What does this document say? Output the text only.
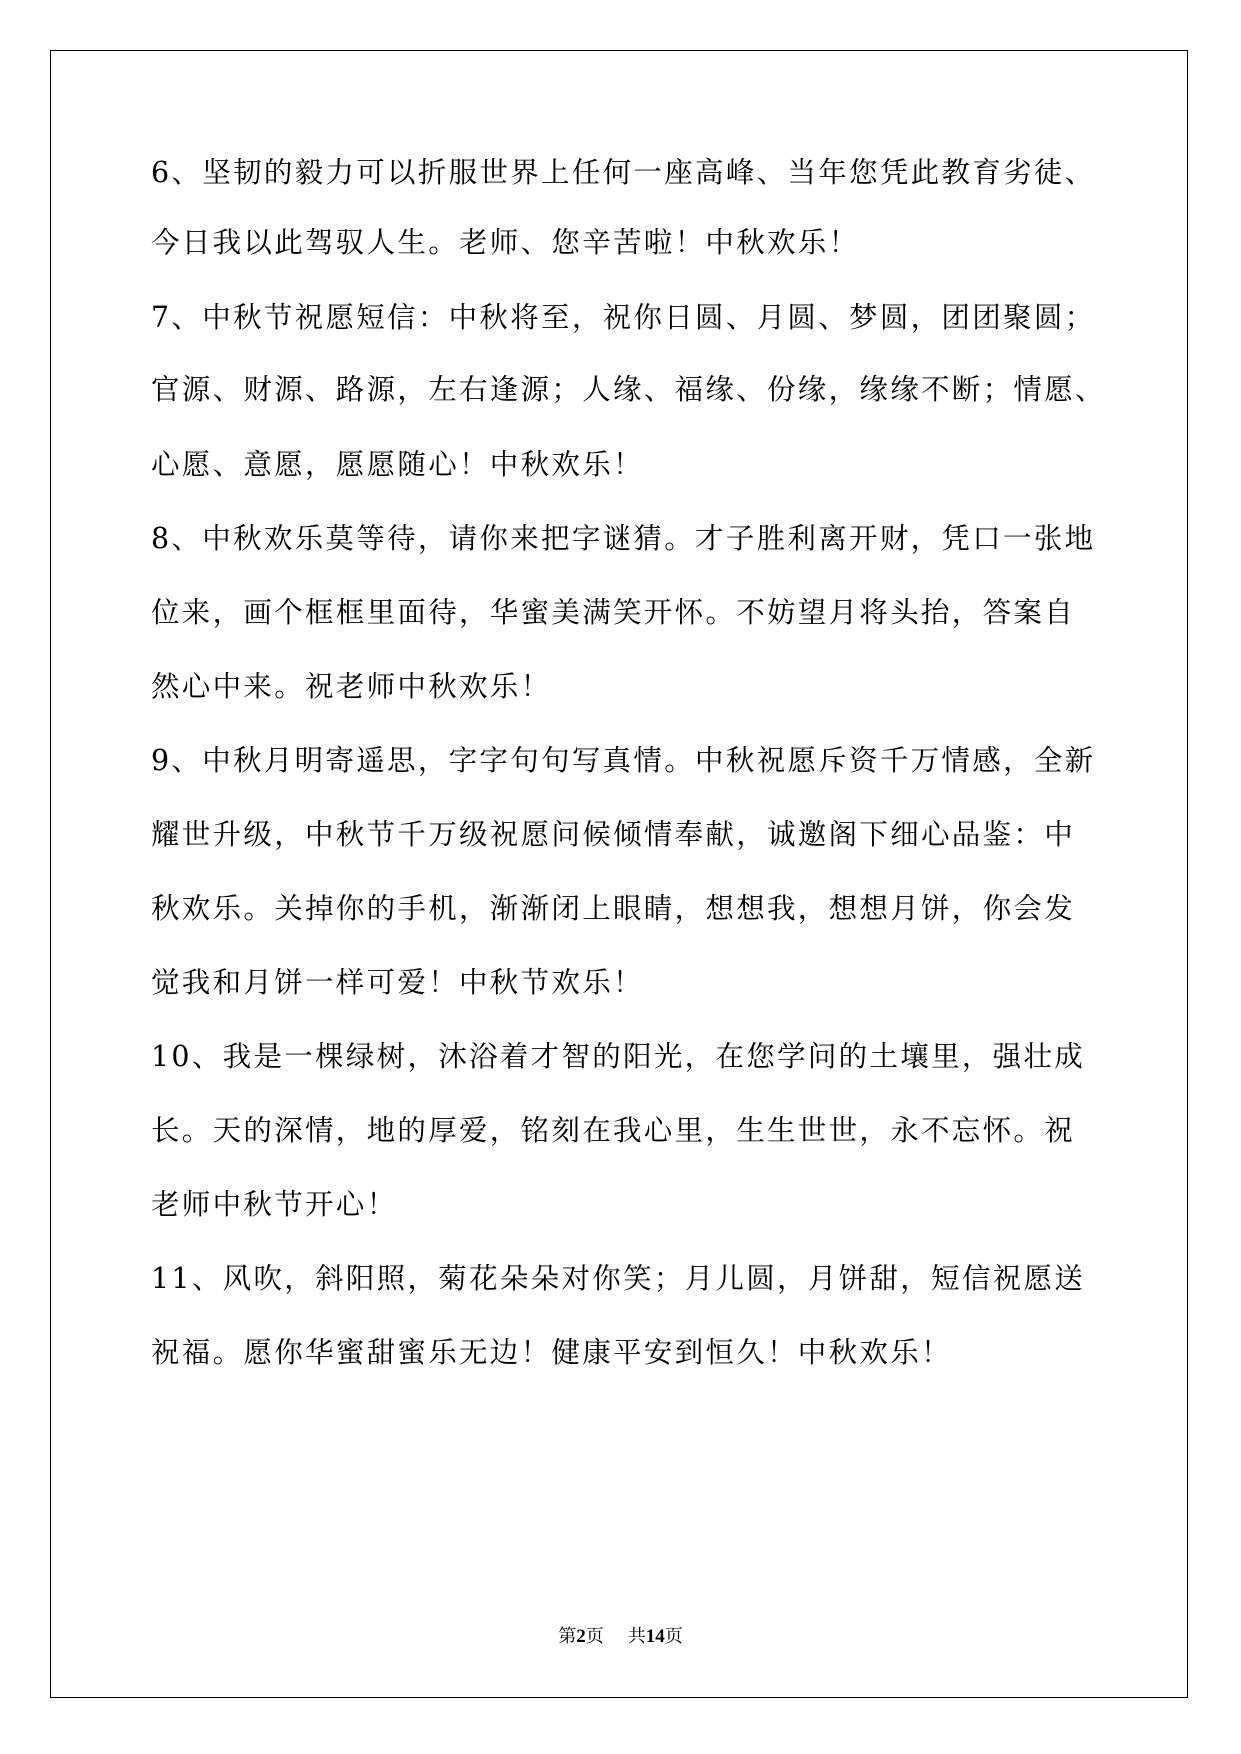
6、坚韧的毅力可以折服世界上任何一座高峰、当年您凭此教育劣徒、

今日我以此驾驭人生。老师、您辛苦啦！中秋欢乐！

7、中秋节祝愿短信：中秋将至，祝你日圆、月圆、梦圆，团团聚圆；

官源、财源、路源，左右逢源；人缘、福缘、份缘，缘缘不断；情愿、

心愿、意愿，愿愿随心！中秋欢乐！

8、中秋欢乐莫等待，请你来把字谜猜。才子胜利离开财，凭口一张地

位来，画个框框里面待，华蜜美满笑开怀。不妨望月将头抬，答案自

然心中来。祝老师中秋欢乐！

9、中秋月明寄遥思，字字句句写真情。中秋祝愿斥资千万情感，全新

耀世升级，中秋节千万级祝愿问候倾情奉献，诚邀阁下细心品鉴：中

秋欢乐。关掉你的手机，渐渐闭上眼睛，想想我，想想月饼，你会发

觉我和月饼一样可爱！中秋节欢乐！

10、我是一棵绿树，沐浴着才智的阳光，在您学问的土壤里，强壮成

长。天的深情，地的厚爱，铭刻在我心里，生生世世，永不忘怀。祝

老师中秋节开心！

11、风吹，斜阳照，菊花朵朵对你笑；月儿圆，月饼甜，短信祝愿送

祝福。愿你华蜜甜蜜乐无边！健康平安到恒久！中秋欢乐！

第2页 共14页
